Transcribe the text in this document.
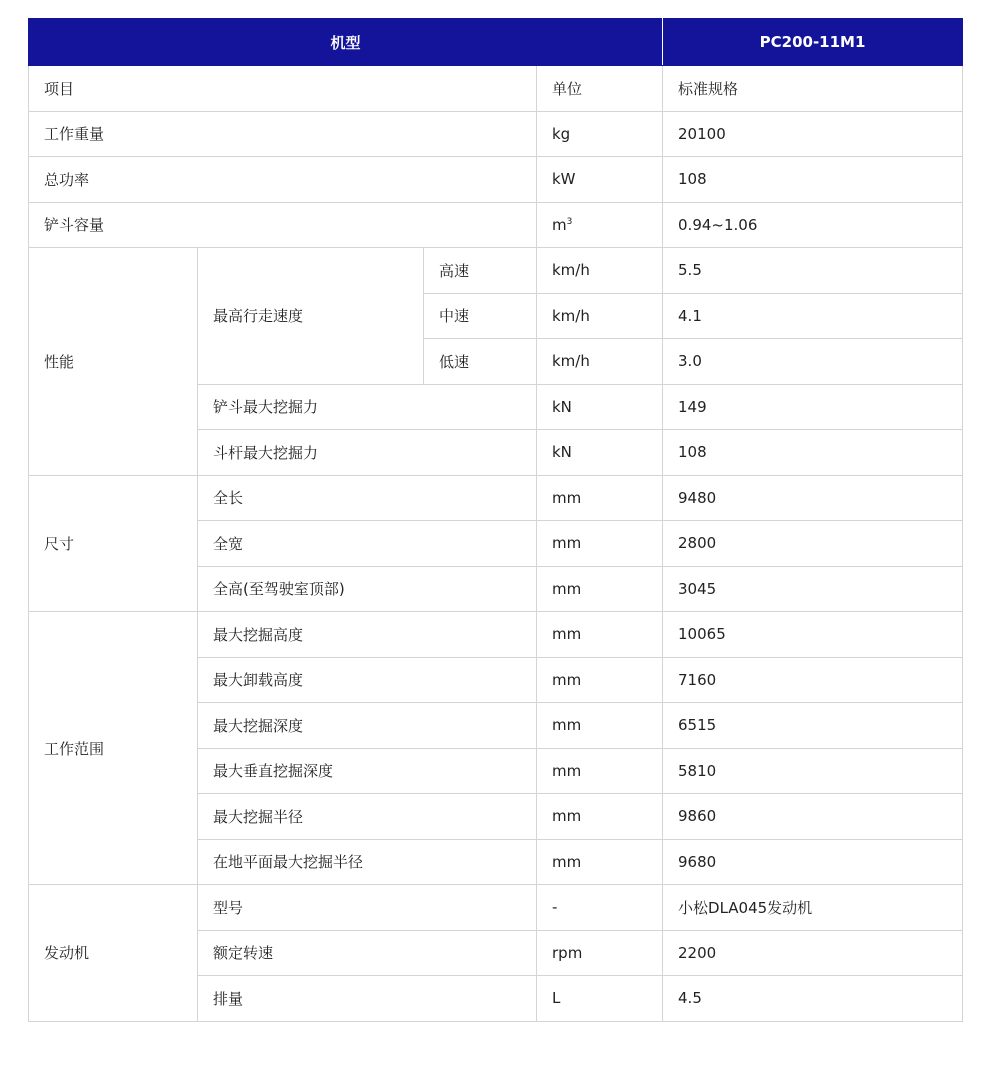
机型				PC200-11M1
项目			单位	标准规格
工作重量			kg	20100
总功率			kW	108
铲斗容量			$m^3$	0.94~1.06
性能	最高行走速度	高速	km/h	5.5
		中速	km/h	4.1
		低速	km/h	3.0
	铲斗最大挖掘力		kN	149
	斗杆最大挖掘力		kN	108
尺寸	全长		mm	9480
	全宽		mm	2800
	全高(至驾驶室顶部)		mm	3045
工作范围	最大挖掘高度		mm	10065
	最大卸载高度		mm	7160
	最大挖掘深度		mm	6515
	最大垂直挖掘深度		mm	5810
	最大挖掘半径		mm	9860
	在地平面最大挖掘半径		mm	9680
发动机	型号		-	小松DLA045发动机
	额定转速		rpm	2200
	排量		L	4.5
